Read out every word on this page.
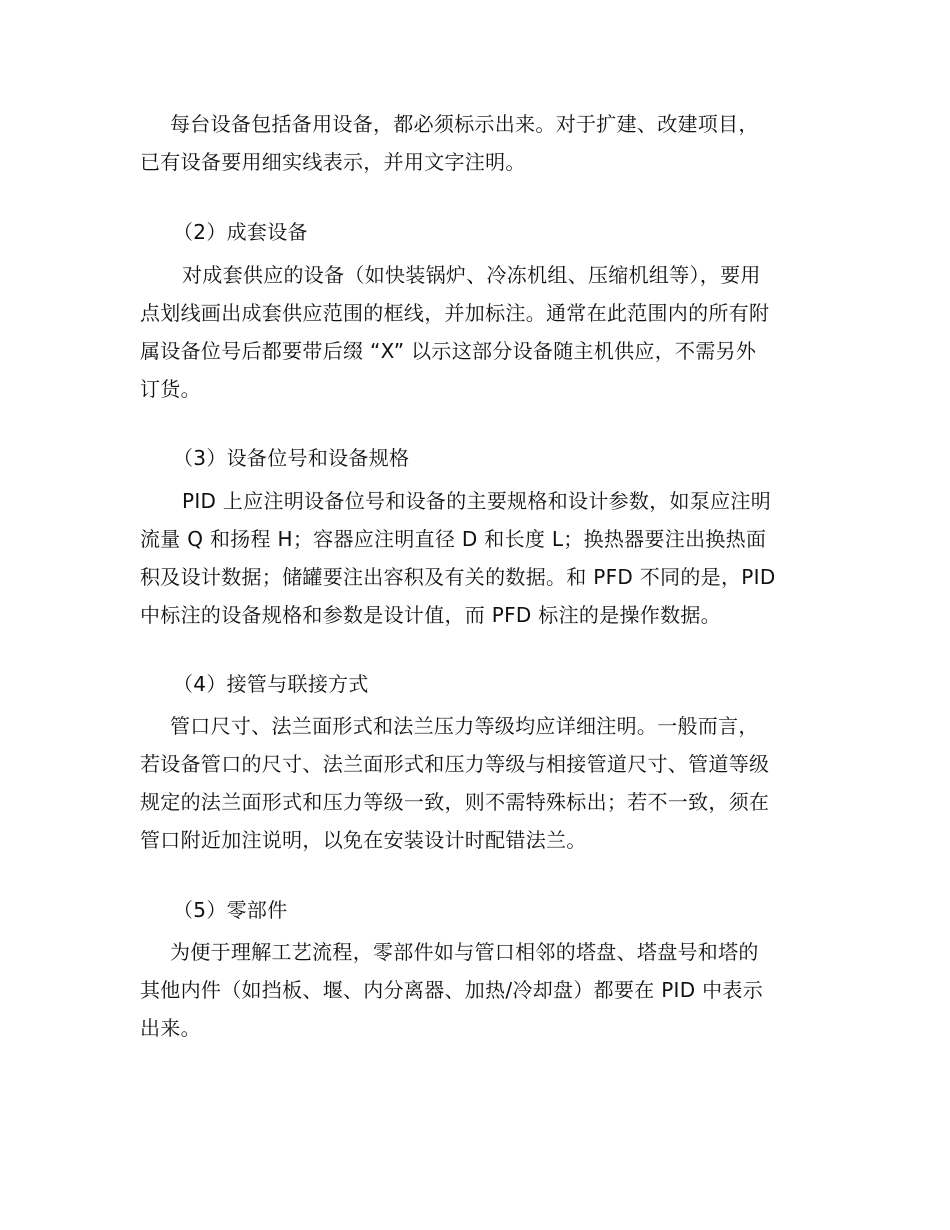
每台设备包括备用设备，都必须标示出来。对于扩建、改建项目，
已有设备要用细实线表示，并用文字注明。
（2）成套设备
对成套供应的设备（如快装锅炉、冷冻机组、压缩机组等），要用
点划线画出成套供应范围的框线，并加标注。通常在此范围内的所有附
属设备位号后都要带后缀 “X” 以示这部分设备随主机供应，不需另外
订货。
（3）设备位号和设备规格
PID 上应注明设备位号和设备的主要规格和设计参数，如泵应注明
流量 Q 和扬程 H；容器应注明直径 D 和长度 L；换热器要注出换热面
积及设计数据；储罐要注出容积及有关的数据。和 PFD 不同的是，PID
中标注的设备规格和参数是设计值，而 PFD 标注的是操作数据。
（4）接管与联接方式
管口尺寸、法兰面形式和法兰压力等级均应详细注明。一般而言，
若设备管口的尺寸、法兰面形式和压力等级与相接管道尺寸、管道等级
规定的法兰面形式和压力等级一致，则不需特殊标出；若不一致，须在
管口附近加注说明，以免在安装设计时配错法兰。
（5）零部件
为便于理解工艺流程，零部件如与管口相邻的塔盘、塔盘号和塔的
其他内件（如挡板、堰、内分离器、加热/冷却盘）都要在 PID 中表示
出来。
